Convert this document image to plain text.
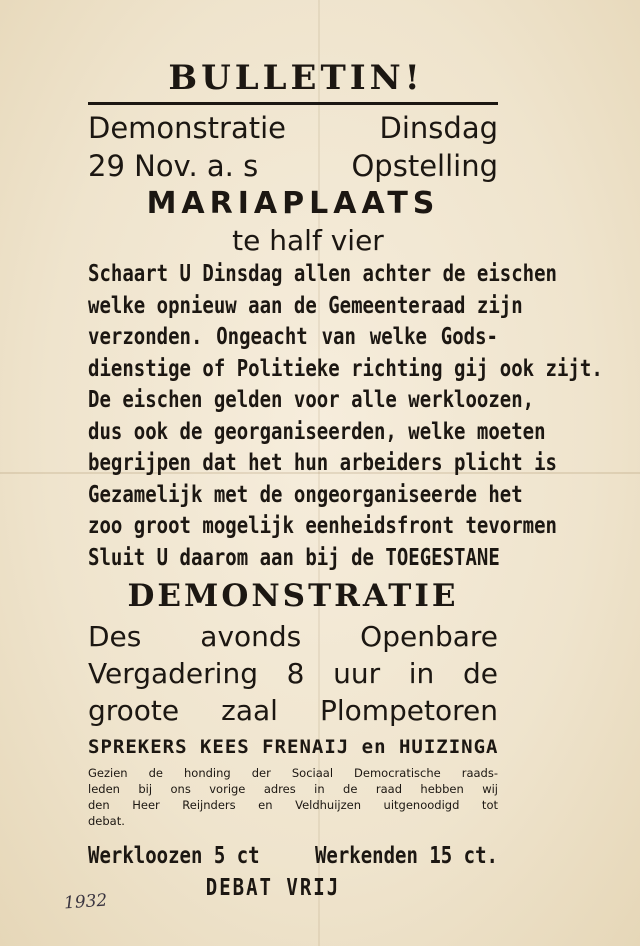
BULLETIN!
Demonstratie	Dinsdag
29 Nov. a. s	Opstelling
MARIAPLAATS
te half vier
Schaart U Dinsdag allen achter de eischen
welke opnieuw aan de Gemeenteraad zijn
verzonden. Ongeacht van welke Gods-
dienstige of Politieke richting gij ook zijt.
De eischen gelden voor alle werkloozen,
dus ook de georganiseerden, welke moeten
begrijpen dat het hun arbeiders plicht is
Gezamelijk met de ongeorganiseerde het
zoo groot mogelijk eenheidsfront tevormen
Sluit U daarom aan bij de TOEGESTANE
DEMONSTRATIE
Des avonds Openbare
Vergadering 8 uur in de
groote zaal Plompetoren
SPREKERS KEES FRENAIJ en HUIZINGA
Gezien de honding der Sociaal Democratische raads-
leden bij ons vorige adres in de raad hebben wij
den Heer Reijnders en Veldhuijzen uitgenoodigd tot
debat.
Werkloozen 5 ct	Werkenden 15 ct.
DEBAT VRIJ
1932
